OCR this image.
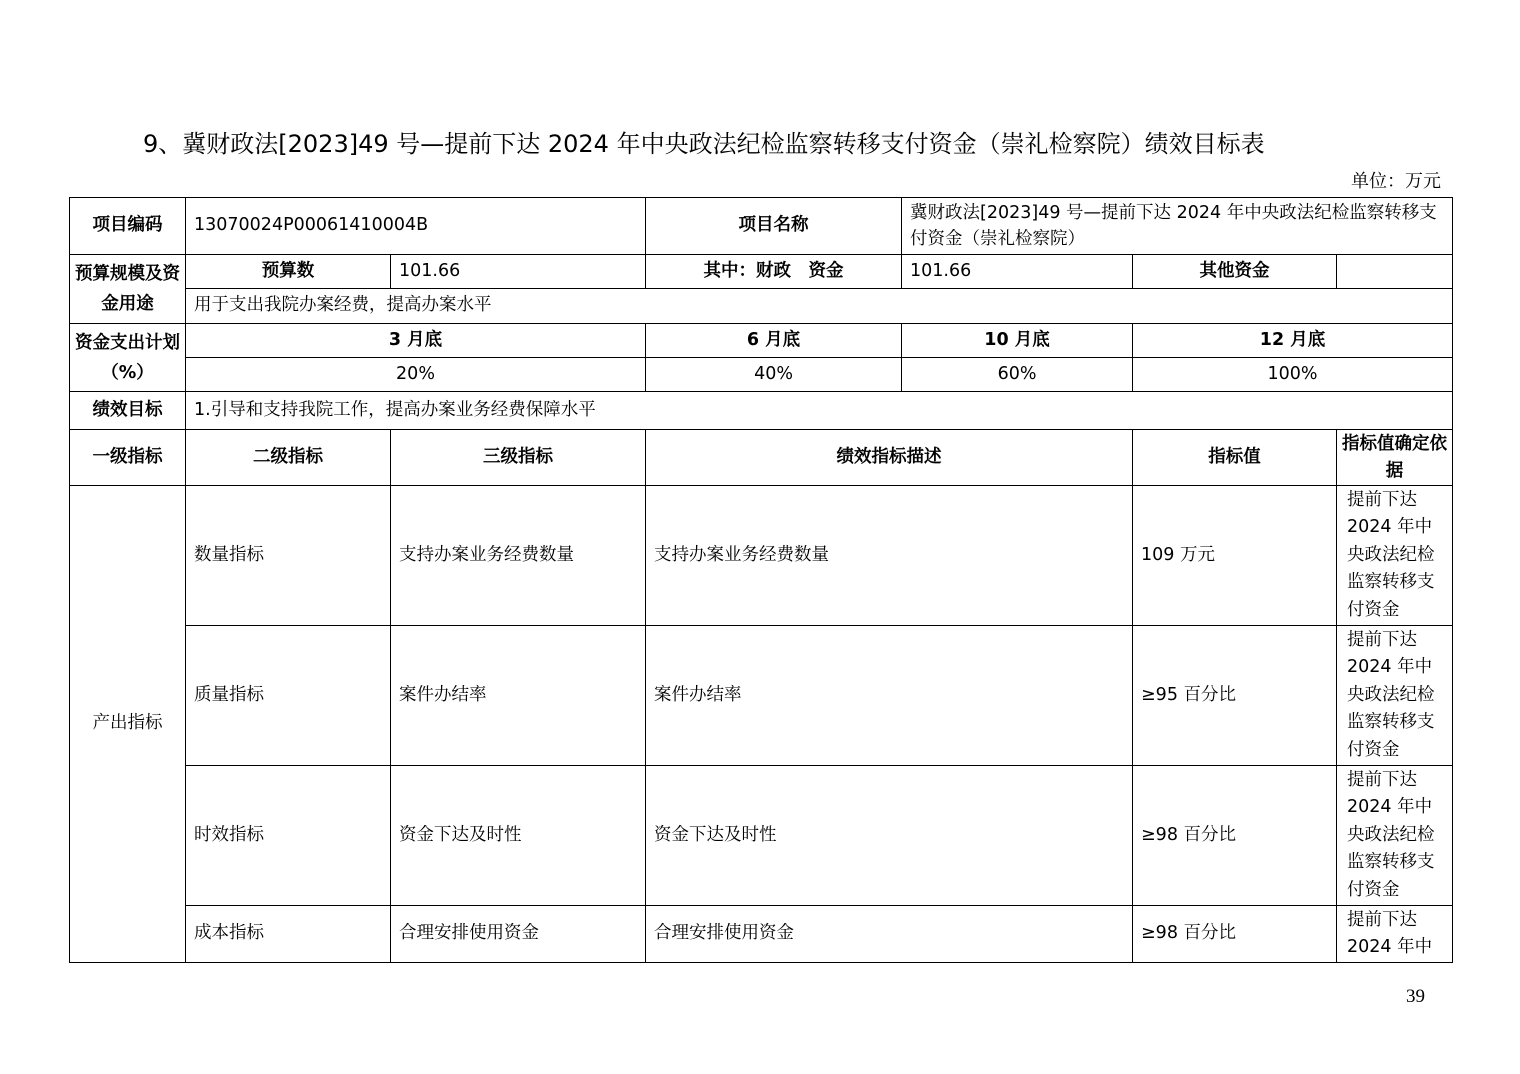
9、冀财政法[2023]49 号—提前下达 2024 年中央政法纪检监察转移支付资金（崇礼检察院）绩效目标表
单位：万元
项目编码	13070024P00061410004B		项目名称	冀财政法[2023]49 号—提前下达 2024 年中央政法纪检监察转移支付资金（崇礼检察院）		
预算规模及资金用途	预算数	101.66	其中：财政　资金	101.66	其他资金	
	用于支出我院办案经费，提高办案水平					
资金支出计划（%）	3 月底		6 月底	10 月底	12 月底	
	20%		40%	60%	100%	
绩效目标	1.引导和支持我院工作，提高办案业务经费保障水平					
一级指标	二级指标	三级指标	绩效指标描述		指标值	指标值确定依据
产出指标	数量指标	支持办案业务经费数量	支持办案业务经费数量		109 万元	提前下达2024 年中央政法纪检监察转移支付资金
	质量指标	案件办结率	案件办结率		≥95 百分比	提前下达2024 年中央政法纪检监察转移支付资金
	时效指标	资金下达及时性	资金下达及时性		≥98 百分比	提前下达2024 年中央政法纪检监察转移支付资金
	成本指标	合理安排使用资金	合理安排使用资金		≥98 百分比	提前下达2024 年中
39
